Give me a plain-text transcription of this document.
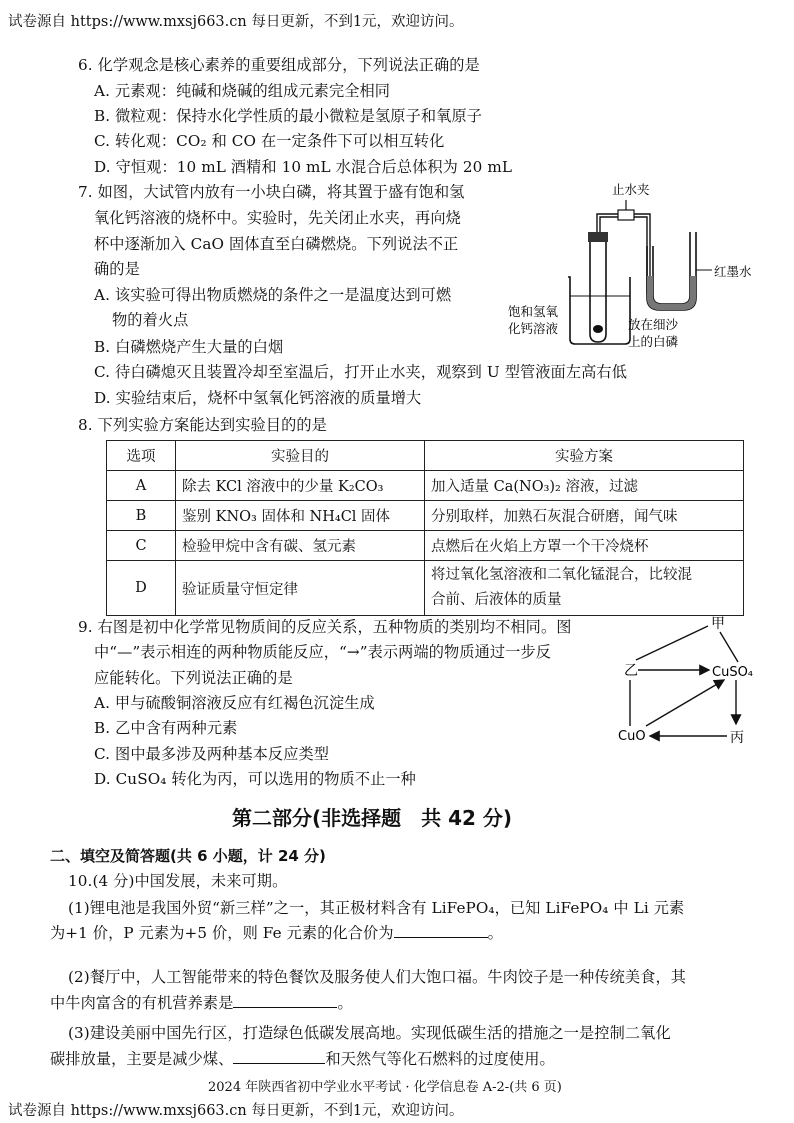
试卷源自 https://www.mxsj663.cn 每日更新，不到1元，欢迎访问。
6. 化学观念是核心素养的重要组成部分，下列说法正确的是
A. 元素观：纯碱和烧碱的组成元素完全相同
B. 微粒观：保持水化学性质的最小微粒是氢原子和氧原子
C. 转化观：CO₂ 和 CO 在一定条件下可以相互转化
D. 守恒观：10 mL 酒精和 10 mL 水混合后总体积为 20 mL
7. 如图，大试管内放有一小块白磷，将其置于盛有饱和氢
氧化钙溶液的烧杯中。实验时，先关闭止水夹，再向烧
杯中逐渐加入 CaO 固体直至白磷燃烧。下列说法不正
确的是
A. 该实验可得出物质燃烧的条件之一是温度达到可燃
物的着火点
B. 白磷燃烧产生大量的白烟
C. 待白磷熄灭且装置冷却至室温后，打开止水夹，观察到 U 型管液面左高右低
D. 实验结束后，烧杯中氢氧化钙溶液的质量增大
止水夹
红墨水
饱和氢氧
化钙溶液	放在细沙
上的白磷
8. 下列实验方案能达到实验目的的是
选项	实验目的	实验方案
A	除去 KCl 溶液中的少量 K₂CO₃	加入适量 Ca(NO₃)₂ 溶液，过滤
B	鉴别 KNO₃ 固体和 NH₄Cl 固体	分别取样，加熟石灰混合研磨，闻气味
C	检验甲烷中含有碳、氢元素	点燃后在火焰上方罩一个干冷烧杯
D	验证质量守恒定律	将过氧化氢溶液和二氧化锰混合，比较混
合前、后液体的质量
9. 右图是初中化学常见物质间的反应关系，五种物质的类别均不相同。图
中“—”表示相连的两种物质能反应，“→”表示两端的物质通过一步反
应能转化。下列说法正确的是
A. 甲与硫酸铜溶液反应有红褐色沉淀生成
B. 乙中含有两种元素
C. 图中最多涉及两种基本反应类型
D. CuSO₄ 转化为丙，可以选用的物质不止一种
甲
乙	CuSO₄
CuO	丙
第二部分(非选择题　共 42 分)
二、填空及简答题(共 6 小题，计 24 分)
10.(4 分)中国发展，未来可期。
(1)锂电池是我国外贸“新三样”之一，其正极材料含有 LiFePO₄，已知 LiFePO₄ 中 Li 元素
为+1 价，P 元素为+5 价，则 Fe 元素的化合价为	。
(2)餐厅中，人工智能带来的特色餐饮及服务使人们大饱口福。牛肉饺子是一种传统美食，其
中牛肉富含的有机营养素是	。
(3)建设美丽中国先行区，打造绿色低碳发展高地。实现低碳生活的措施之一是控制二氧化
碳排放量，主要是减少煤、	和天然气等化石燃料的过度使用。
2024 年陕西省初中学业水平考试 · 化学信息卷 A-2-(共 6 页)
试卷源自 https://www.mxsj663.cn 每日更新，不到1元，欢迎访问。
